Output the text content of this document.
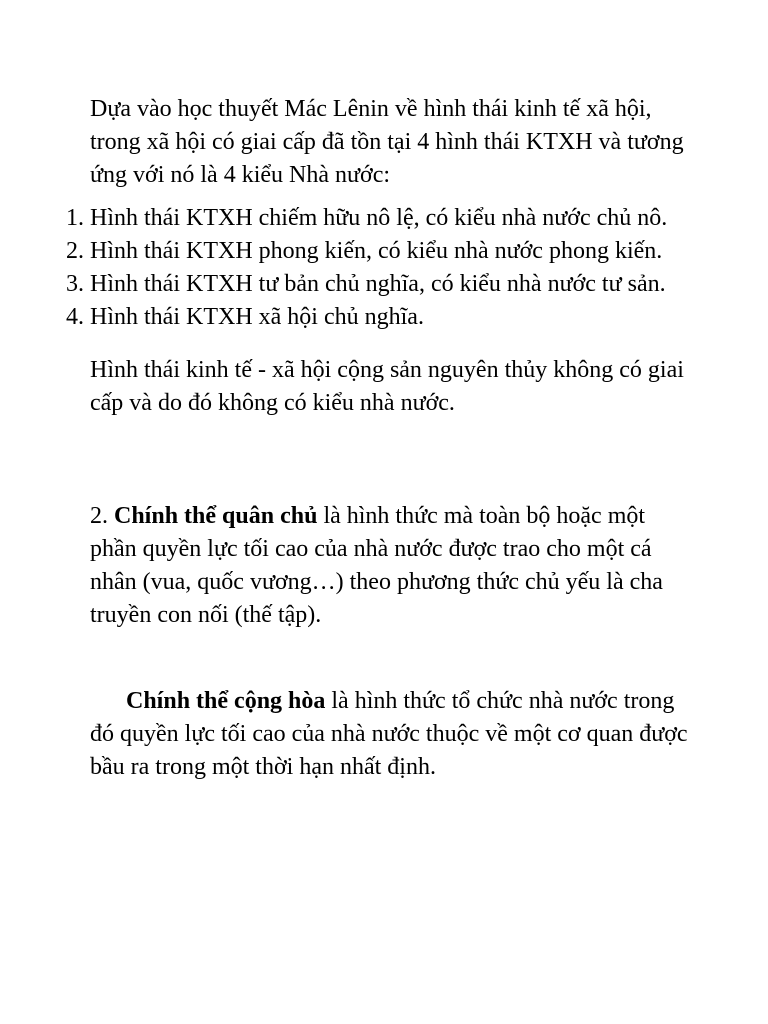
Dựa vào học thuyết Mác Lênin về hình thái kinh tế xã hội, trong xã hội có giai cấp đã tồn tại 4 hình thái KTXH và tương ứng với nó là 4 kiểu Nhà nước:

1. Hình thái KTXH chiếm hữu nô lệ, có kiểu nhà nước chủ nô.
2. Hình thái KTXH phong kiến, có kiểu nhà nước phong kiến.
3. Hình thái KTXH tư bản chủ nghĩa, có kiểu nhà nước tư sản.
4. Hình thái KTXH xã hội chủ nghĩa.

Hình thái kinh tế - xã hội cộng sản nguyên thủy không có giai cấp và do đó không có kiểu nhà nước.

2. Chính thể quân chủ là hình thức mà toàn bộ hoặc một phần quyền lực tối cao của nhà nước được trao cho một cá nhân (vua, quốc vương…) theo phương thức chủ yếu là cha truyền con nối (thế tập).

Chính thể cộng hòa là hình thức tổ chức nhà nước trong đó quyền lực tối cao của nhà nước thuộc về một cơ quan được bầu ra trong một thời hạn nhất định.
